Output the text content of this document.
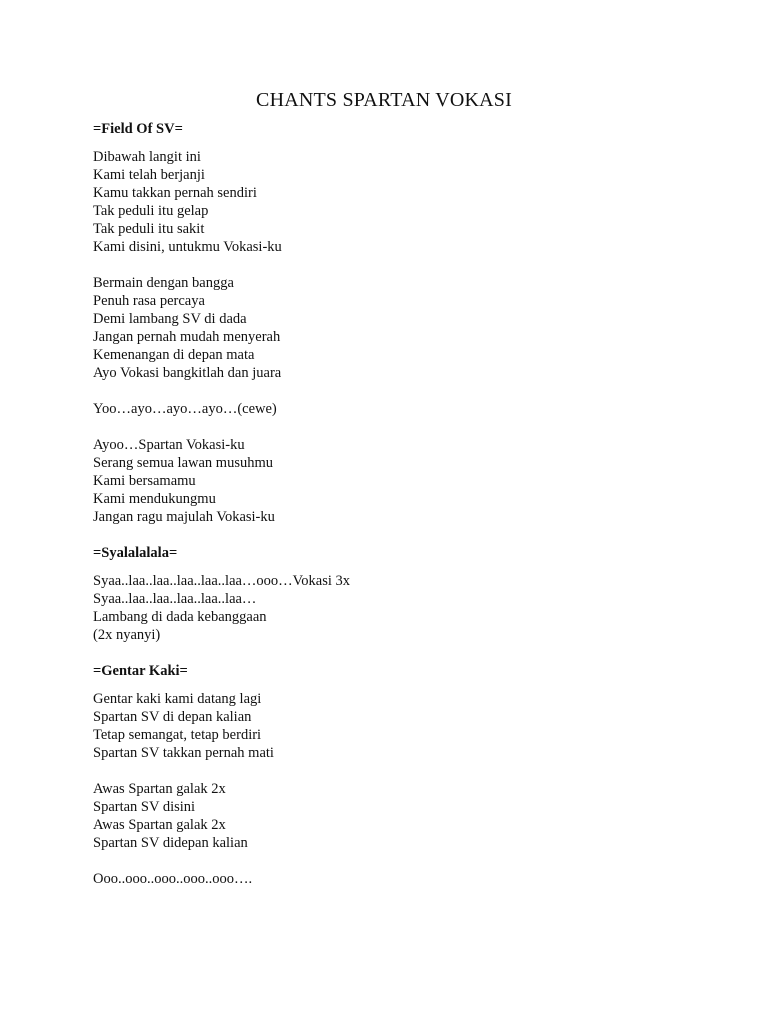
CHANTS SPARTAN VOKASI
=Field Of SV=
Dibawah langit ini
Kami telah berjanji
Kamu takkan pernah sendiri
Tak peduli itu gelap
Tak peduli itu sakit
Kami disini, untukmu Vokasi-ku
Bermain dengan bangga
Penuh rasa percaya
Demi lambang SV di dada
Jangan pernah mudah menyerah
Kemenangan di depan mata
Ayo Vokasi bangkitlah dan juara
Yoo…ayo…ayo…ayo…(cewe)
Ayoo…Spartan Vokasi-ku
Serang semua lawan musuhmu
Kami bersamamu
Kami mendukungmu
Jangan ragu majulah Vokasi-ku
=Syalalalala=
Syaa..laa..laa..laa..laa..laa…ooo…Vokasi 3x
Syaa..laa..laa..laa..laa..laa…
Lambang di dada kebanggaan
(2x nyanyi)
=Gentar Kaki=
Gentar kaki kami datang lagi
Spartan SV di depan kalian
Tetap semangat, tetap berdiri
Spartan SV takkan pernah mati
Awas Spartan galak 2x
Spartan SV disini
Awas Spartan galak 2x
Spartan SV didepan kalian
Ooo..ooo..ooo..ooo..ooo….
